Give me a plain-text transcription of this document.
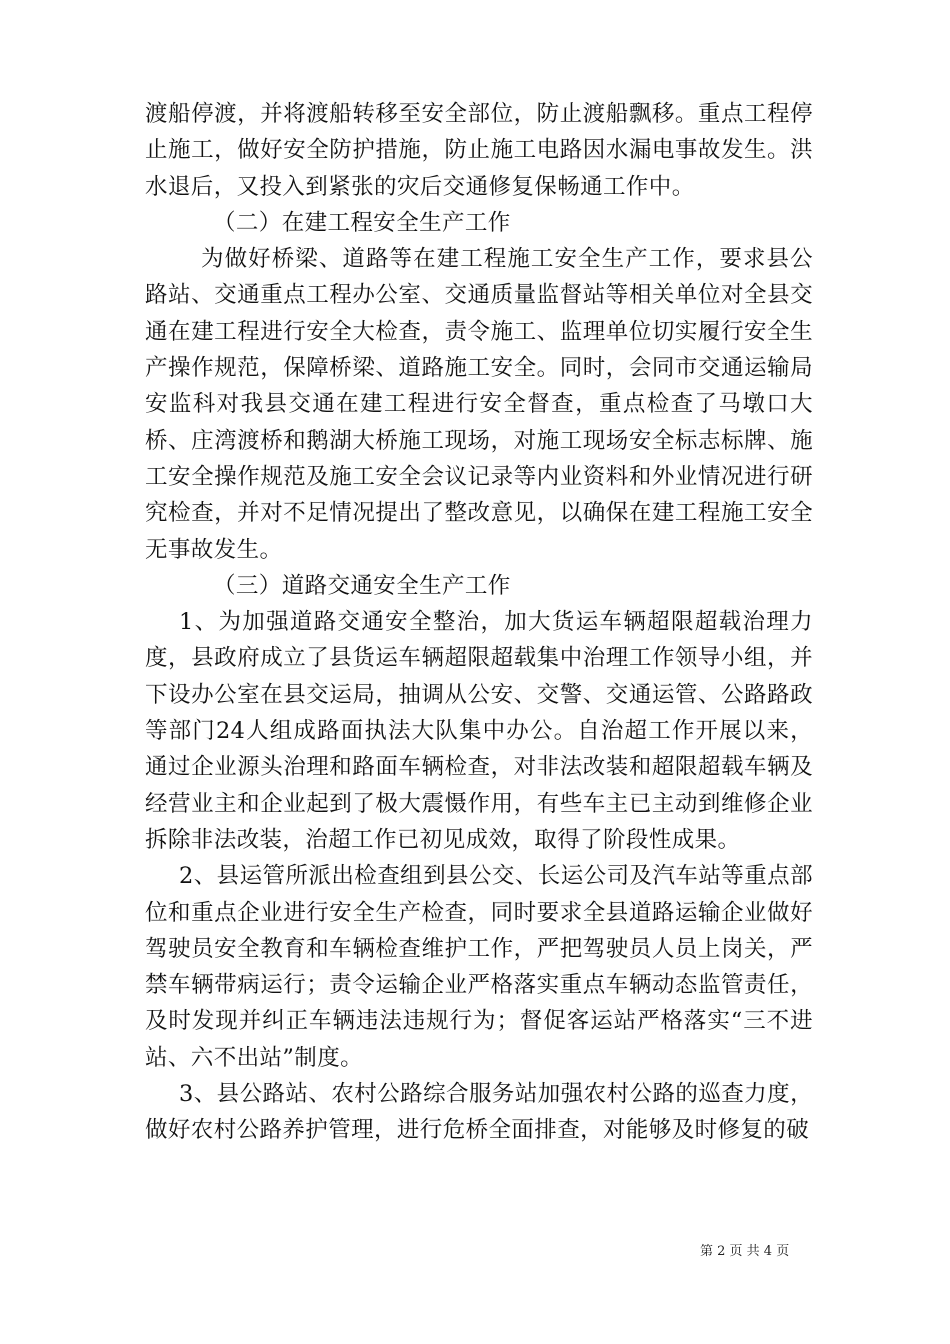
渡船停渡，并将渡船转移至安全部位，防止渡船飘移。重点工程停止施工，做好安全防护措施，防止施工电路因水漏电事故发生。洪水退后，又投入到紧张的灾后交通修复保畅通工作中。

（二）在建工程安全生产工作

为做好桥梁、道路等在建工程施工安全生产工作，要求县公路站、交通重点工程办公室、交通质量监督站等相关单位对全县交通在建工程进行安全大检查，责令施工、监理单位切实履行安全生产操作规范，保障桥梁、道路施工安全。同时，会同市交通运输局安监科对我县交通在建工程进行安全督查，重点检查了马墩口大桥、庄湾渡桥和鹅湖大桥施工现场，对施工现场安全标志标牌、施工安全操作规范及施工安全会议记录等内业资料和外业情况进行研究检查，并对不足情况提出了整改意见，以确保在建工程施工安全无事故发生。

（三）道路交通安全生产工作

1、为加强道路交通安全整治，加大货运车辆超限超载治理力度，县政府成立了县货运车辆超限超载集中治理工作领导小组，并下设办公室在县交运局，抽调从公安、交警、交通运管、公路路政等部门24人组成路面执法大队集中办公。自治超工作开展以来，通过企业源头治理和路面车辆检查，对非法改装和超限超载车辆及经营业主和企业起到了极大震慑作用，有些车主已主动到维修企业拆除非法改装，治超工作已初见成效，取得了阶段性成果。

2、县运管所派出检查组到县公交、长运公司及汽车站等重点部位和重点企业进行安全生产检查，同时要求全县道路运输企业做好驾驶员安全教育和车辆检查维护工作，严把驾驶员人员上岗关，严禁车辆带病运行；责令运输企业严格落实重点车辆动态监管责任，及时发现并纠正车辆违法违规行为；督促客运站严格落实“三不进站、六不出站”制度。

3、县公路站、农村公路综合服务站加强农村公路的巡查力度，做好农村公路养护管理，进行危桥全面排查，对能够及时修复的破

第 2 页 共 4 页
